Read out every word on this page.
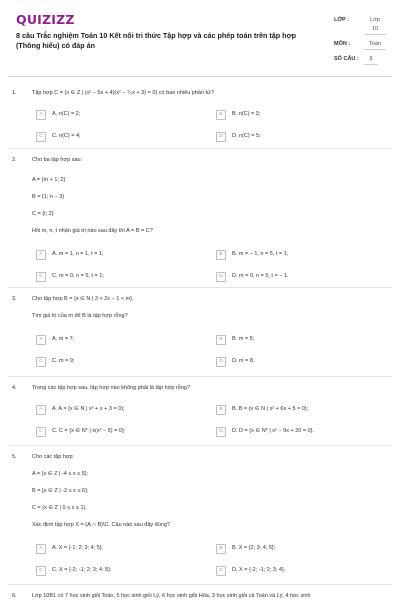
QUIZIZZ
8 câu Trắc nghiệm Toán 10 Kết nối tri thức Tập hợp và các phép toán trên tập hợp
(Thông hiểu) có đáp án
LỚP :	Lớp
10
MÔN :	Toán
SỐ CÂU :	8
1.	Tập hợp C = {x ∈ Z | (x² − 5x + 4)(x² − ⁷⁄₂x + 3) = 0} có bao nhiêu phần tử?
A	A. n(C) = 2;	B	B. n(C) = 3;
C	C. n(C) = 4;	D	D. n(C) = 5;
2.	Cho ba tập hợp sau:
A = {m + 1; 2}
B = {1; n − 3}
C = {t; 2}
Hỏi m, n, t nhận giá trị nào sau đây thì A = B = C?
A	A. m = 1, n = 1, t = 1;	B	B. m = − 1, n = 5, t = 1;
C	C. m = 0, n = 5, t = 1;	D	D. m = 0, n = 5, t = − 1.
3.	Cho tập hợp B = {x ∈ N | 3 < 2x − 1 < m}.
Tìm giá trị của m để B là tập hợp rỗng?
A	A. m = 7;	B	B. m = 5;
C	C. m = 9;	D	D. m = 8.
4.	Trong các tập hợp sau, tập hợp nào không phải là tập hợp rỗng?
A	A. A = {x ∈ N | x² + x + 3 = 0};	B	B. B = {x ∈ N | x² + 6x + 5 = 0};
C	C. C = {x ∈ N* | x(x² − 5) = 0};	D	D. D = {x ∈ N* | x² − 9x + 20 = 0}.
5.	Cho các tập hợp:
A = {x ∈ Z | -4 ≤ x ≤ 5};
B = {x ∈ Z | -2 ≤ x ≤ 6};
C = {x ∈ Z | 0 ≤ x ≤ 1}.
Xác định tập hợp X = (A ∩ B)\C. Câu nào sau đây đúng?
A	A. X = {-1; 2; 3; 4; 5};	B	B. X = {2; 3; 4; 5};
C	C. X = {-2; -1; 2; 3; 4; 5};	D	D. X = {-2; -1; 2; 3; 4}.
6.	Lớp 10B1 có 7 học sinh giỏi Toán, 5 học sinh giỏi Lý, 6 học sinh giỏi Hóa, 3 học sinh giỏi cả Toán và Lý, 4 học sinh
